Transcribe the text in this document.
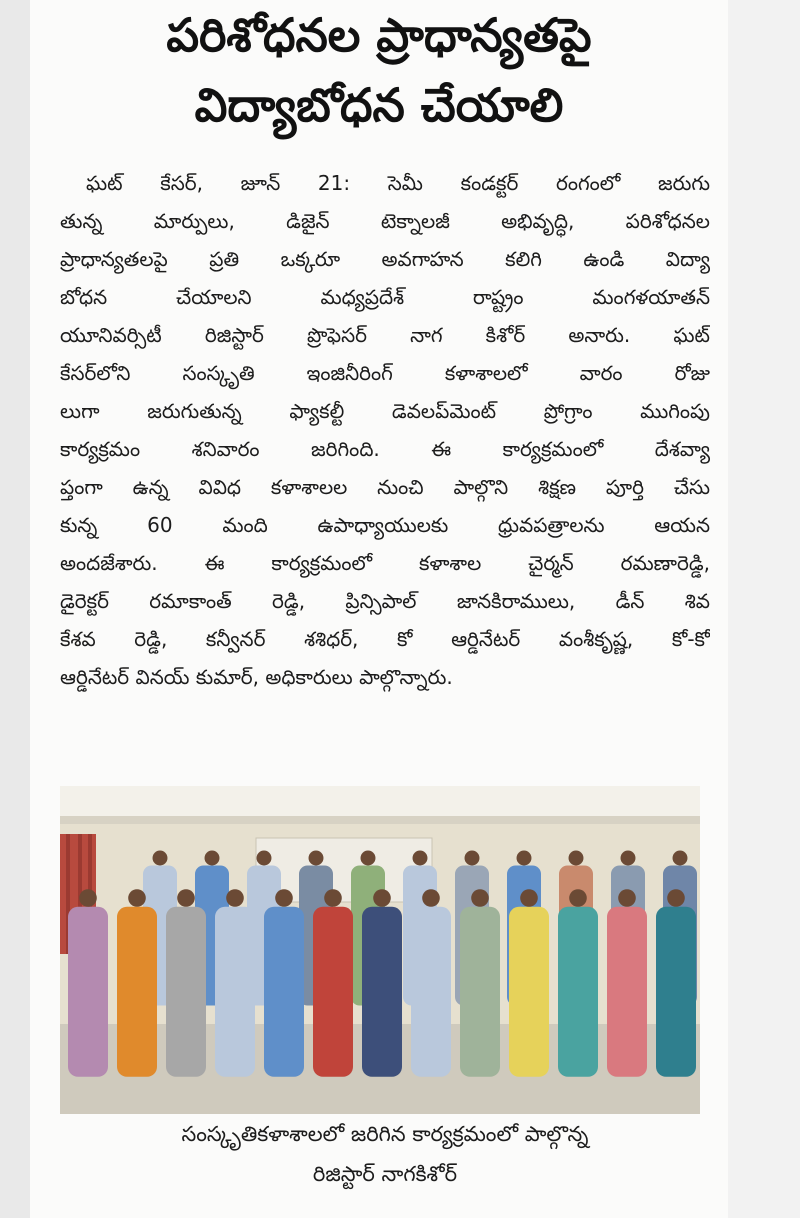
పరిశోధనల ప్రాధాన్యతపై
విద్యాబోధన చేయాలి
ఘట్ కేసర్, జూన్ 21: సెమీ కండక్టర్ రంగంలో జరుగు
తున్న మార్పులు, డిజైన్ టెక్నాలజీ అభివృద్ధి, పరిశోధనల
ప్రాధాన్యతలపై ప్రతి ఒక్కరూ అవగాహన కలిగి ఉండి విద్యా
బోధన చేయాలని మధ్యప్రదేశ్ రాష్ట్రం మంగళయాతన్
యూనివర్సిటీ రిజిస్టార్ ప్రొఫెసర్ నాగ కిశోర్ అనారు. ఘట్
కేసర్‌లోని సంస్కృతి ఇంజినీరింగ్ కళాశాలలో వారం రోజు
లుగా జరుగుతున్న ఫ్యాకల్టీ డెవలప్‌మెంట్ ప్రోగ్రాం ముగింపు
కార్యక్రమం శనివారం జరిగింది. ఈ కార్యక్రమంలో దేశవ్యా
ప్తంగా ఉన్న వివిధ కళాశాలల నుంచి పాల్గొని శిక్షణ పూర్తి చేసు
కున్న 60 మంది ఉపాధ్యాయులకు ధ్రువపత్రాలను ఆయన
అందజేశారు. ఈ కార్యక్రమంలో కళాశాల చైర్మన్ రమణారెడ్డి,
డైరెక్టర్ రమాకాంత్ రెడ్డి, ప్రిన్సిపాల్ జానకిరాములు, డీన్ శివ
కేశవ రెడ్డి, కన్వీనర్ శశిధర్, కో ఆర్డినేటర్ వంశీకృష్ణ, కో-కో
ఆర్డినేటర్ వినయ్ కుమార్, అధికారులు పాల్గొన్నారు.
సంస్కృతికళాశాలలో జరిగిన కార్యక్రమంలో పాల్గొన్న
రిజిస్టార్ నాగకిశోర్
